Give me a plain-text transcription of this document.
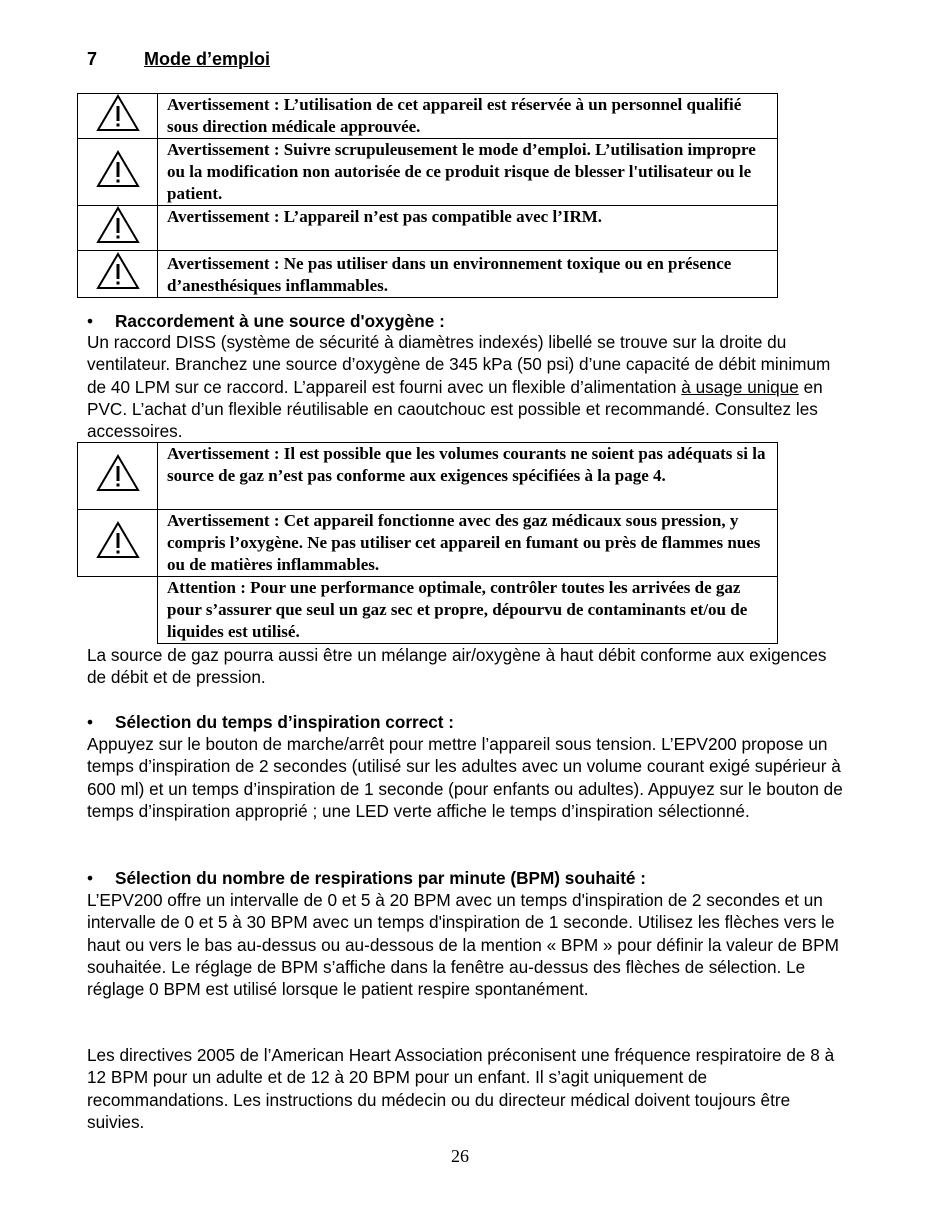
7	Mode d’emploi
	Avertissement : L’utilisation de cet appareil est réservée à un personnel qualifié sous direction médicale approuvée.

	Avertissement : Suivre scrupuleusement le mode d’emploi. L’utilisation impropre ou la modification non autorisée de ce produit risque de blesser l'utilisateur ou le patient.

	Avertissement : L’appareil n’est pas compatible avec l’IRM.

	Avertissement : Ne pas utiliser dans un environnement toxique ou en présence d’anesthésiques inflammables.
• Raccordement à une source d'oxygène :

Un raccord DISS (système de sécurité à diamètres indexés) libellé se trouve sur la droite du ventilateur. Branchez une source d’oxygène de 345 kPa (50 psi) d’une capacité de débit minimum de 40 LPM sur ce raccord. L’appareil est fourni avec un flexible d’alimentation à usage unique en PVC. L’achat d’un flexible réutilisable en caoutchouc est possible et recommandé. Consultez les accessoires.

	Avertissement : Il est possible que les volumes courants ne soient pas adéquats si la source de gaz n’est pas conforme aux exigences spécifiées à la page 4.

	Avertissement : Cet appareil fonctionne avec des gaz médicaux sous pression, y compris l’oxygène. Ne pas utiliser cet appareil en fumant ou près de flammes nues ou de matières inflammables.
	Attention : Pour une performance optimale, contrôler toutes les arrivées de gaz pour s’assurer que seul un gaz sec et propre, dépourvu de contaminants et/ou de liquides est utilisé.

La source de gaz pourra aussi être un mélange air/oxygène à haut débit conforme aux exigences de débit et de pression.

• Sélection du temps d’inspiration correct :

Appuyez sur le bouton de marche/arrêt pour mettre l’appareil sous tension. L’EPV200 propose un temps d’inspiration de 2 secondes (utilisé sur les adultes avec un volume courant exigé supérieur à 600 ml) et un temps d’inspiration de 1 seconde (pour enfants ou adultes). Appuyez sur le bouton de temps d’inspiration approprié ; une LED verte affiche le temps d’inspiration sélectionné.

• Sélection du nombre de respirations par minute (BPM) souhaité :

L’EPV200 offre un intervalle de 0 et 5 à 20 BPM avec un temps d'inspiration de 2 secondes et un intervalle de 0 et 5 à 30 BPM avec un temps d'inspiration de 1 seconde. Utilisez les flèches vers le haut ou vers le bas au-dessus ou au-dessous de la mention « BPM » pour définir la valeur de BPM souhaitée. Le réglage de BPM s’affiche dans la fenêtre au-dessus des flèches de sélection. Le réglage 0 BPM est utilisé lorsque le patient respire spontanément.

Les directives 2005 de l’American Heart Association préconisent une fréquence respiratoire de 8 à 12 BPM pour un adulte et de 12 à 20 BPM pour un enfant. Il s’agit uniquement de recommandations. Les instructions du médecin ou du directeur médical doivent toujours être suivies.

26
